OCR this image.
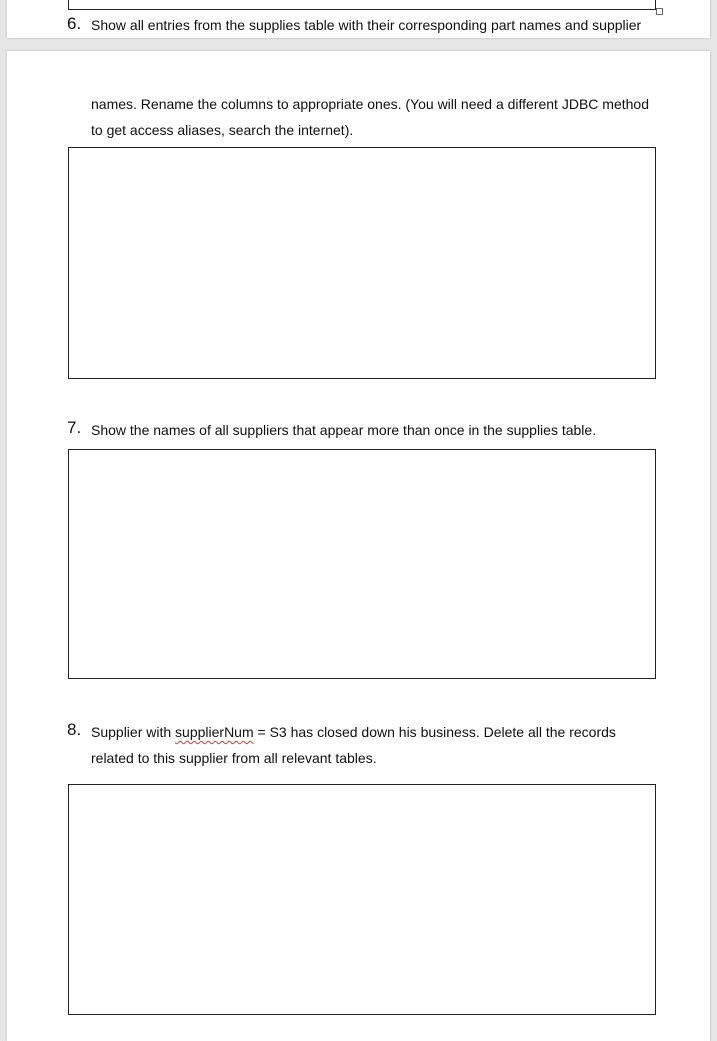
6. Show all entries from the supplies table with their corresponding part names and supplier
names. Rename the columns to appropriate ones. (You will need a different JDBC method
to get access aliases, search the internet).
7. Show the names of all suppliers that appear more than once in the supplies table.
8. Supplier with supplierNum = S3 has closed down his business. Delete all the records
related to this supplier from all relevant tables.
